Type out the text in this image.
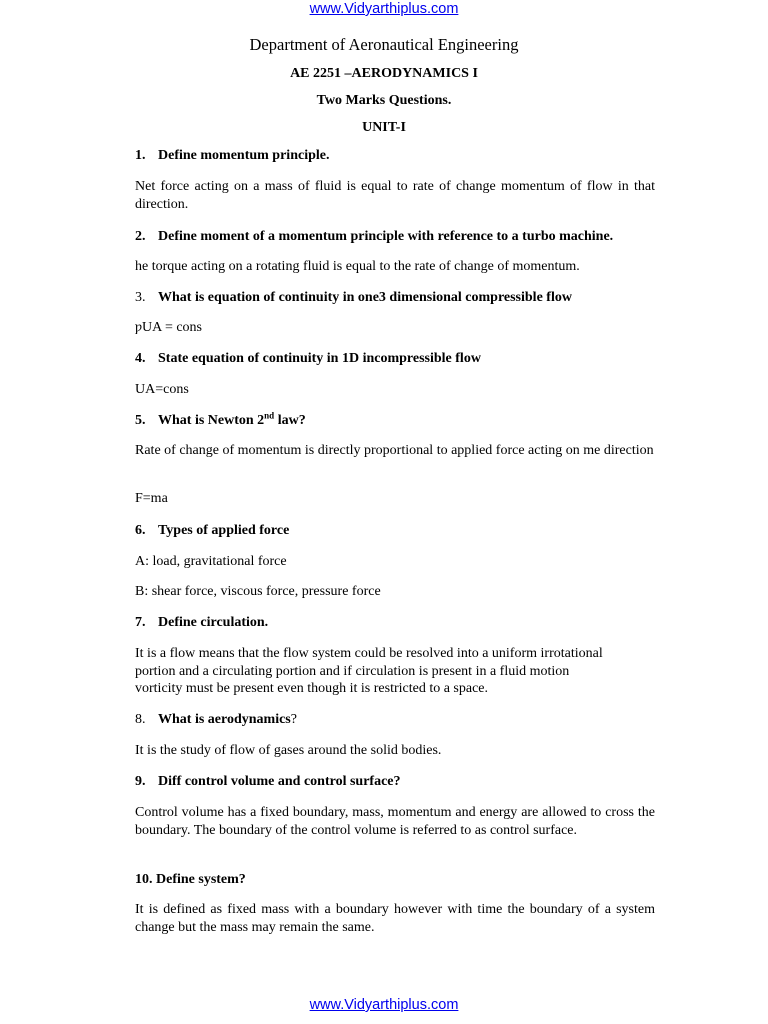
www.Vidyarthiplus.com
Department of Aeronautical Engineering
AE 2251 –AERODYNAMICS I
Two Marks Questions.
UNIT-I
1. Define momentum principle.
Net force acting on a mass of fluid is equal to rate of change momentum of flow in that direction.
2. Define moment of a momentum principle with reference to a turbo machine.
he torque acting on a rotating fluid is equal to the rate of change of momentum.
3. What is equation of continuity in one3 dimensional compressible flow
ƿUA = cons
4. State equation of continuity in 1D incompressible flow
UA=cons
5. What is Newton 2nd law?
Rate of change of momentum is directly proportional to applied force acting on me direction
F=ma
6. Types of applied force
A: load, gravitational force
B: shear force, viscous force, pressure force
7. Define circulation.
It is a flow means that the flow system could be resolved into a uniform irrotational
portion and a circulating portion and if circulation is present in a fluid motion
vorticity must be present even though it is restricted to a space.
8. What is aerodynamics?
It is the study of flow of gases around the solid bodies.
9. Diff control volume and control surface?
Control volume has a fixed boundary, mass, momentum and energy are allowed to cross the boundary. The boundary of the control volume is referred to as control surface.
10. Define system?
It is defined as fixed mass with a boundary however with time the boundary of a system change but the mass may remain the same.
www.Vidyarthiplus.com
